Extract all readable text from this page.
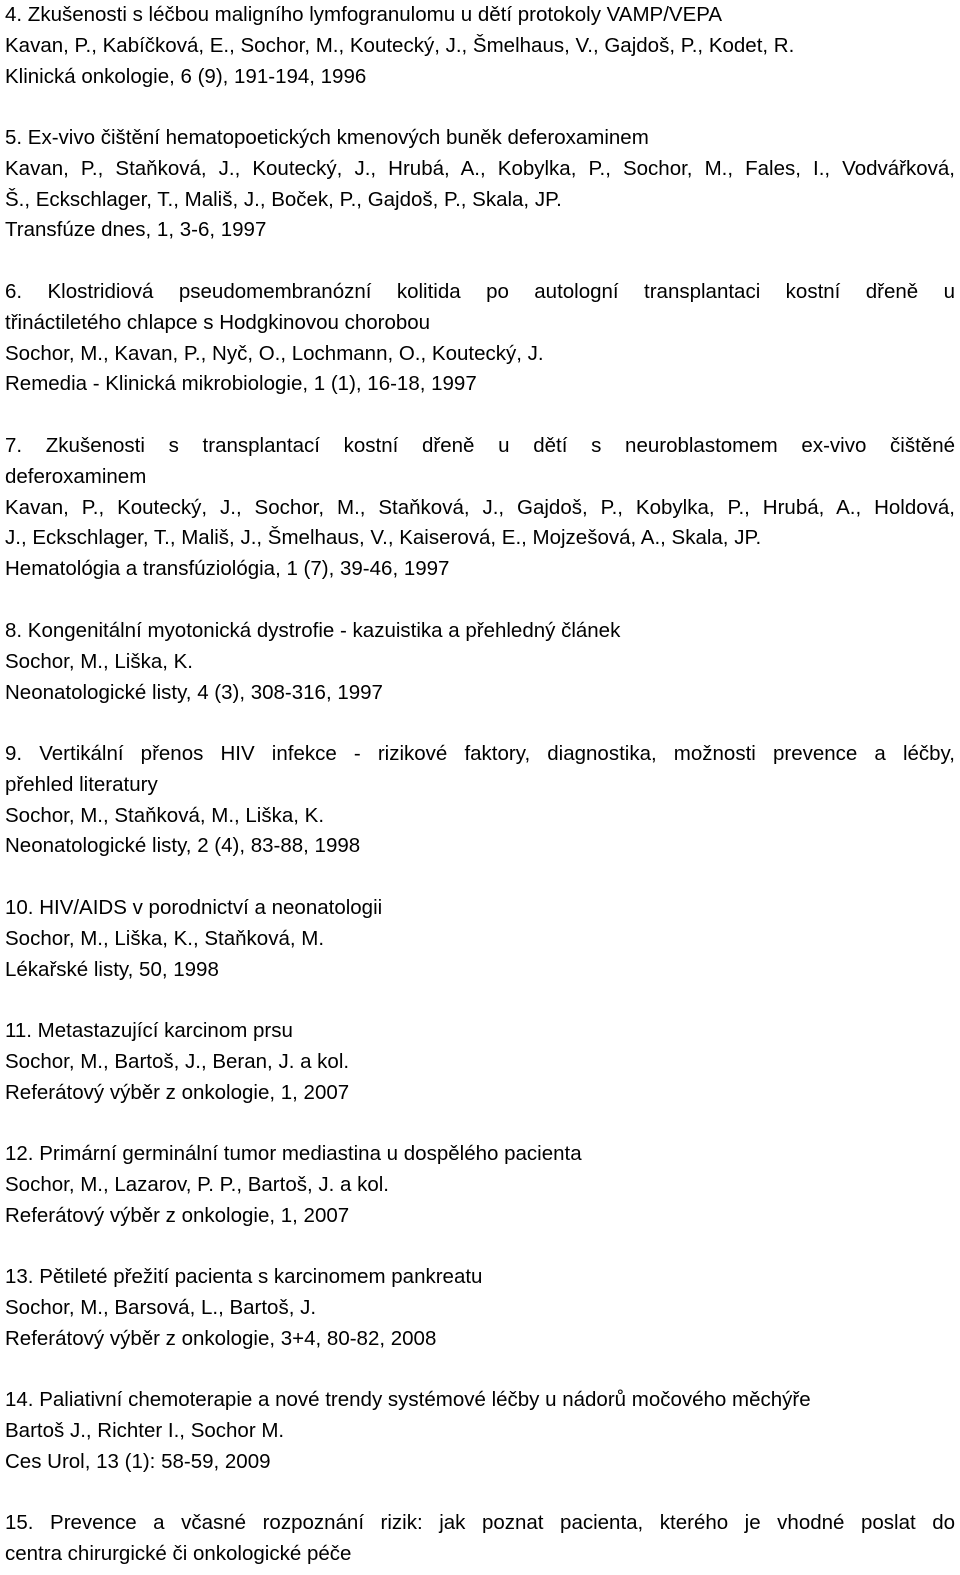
4. Zkušenosti s léčbou maligního lymfogranulomu u dětí protokoly VAMP/VEPA
Kavan, P., Kabíčková, E., Sochor, M., Koutecký, J., Šmelhaus, V., Gajdoš, P., Kodet, R.
Klinická onkologie, 6 (9), 191-194, 1996
5. Ex-vivo čištění hematopoetických kmenových buněk deferoxaminem
Kavan, P., Staňková, J., Koutecký, J., Hrubá, A., Kobylka, P., Sochor, M., Fales, I., Vodvářková,
Š., Eckschlager, T., Mališ, J., Boček, P., Gajdoš, P., Skala, JP.
Transfúze dnes, 1, 3-6, 1997
6. Klostridiová pseudomembranózní kolitida po autologní transplantaci kostní dřeně u
třináctiletého chlapce s Hodgkinovou chorobou
Sochor, M., Kavan, P., Nyč, O., Lochmann, O., Koutecký, J.
Remedia - Klinická mikrobiologie, 1 (1), 16-18, 1997
7. Zkušenosti s transplantací kostní dřeně u dětí s neuroblastomem ex-vivo čištěné
deferoxaminem
Kavan, P., Koutecký, J., Sochor, M., Staňková, J., Gajdoš, P., Kobylka, P., Hrubá, A., Holdová,
J., Eckschlager, T., Mališ, J., Šmelhaus, V., Kaiserová, E., Mojzešová, A., Skala, JP.
Hematológia a transfúziológia, 1 (7), 39-46, 1997
8. Kongenitální myotonická dystrofie - kazuistika a přehledný článek
Sochor, M., Liška, K.
Neonatologické listy, 4 (3), 308-316, 1997
9. Vertikální přenos HIV infekce - rizikové faktory, diagnostika, možnosti prevence a léčby,
přehled literatury
Sochor, M., Staňková, M., Liška, K.
Neonatologické listy, 2 (4), 83-88, 1998
10. HIV/AIDS v porodnictví a neonatologii
Sochor, M., Liška, K., Staňková, M.
Lékařské listy, 50, 1998
11. Metastazující karcinom prsu
Sochor, M., Bartoš, J., Beran, J. a kol.
Referátový výběr z onkologie, 1, 2007
12. Primární germinální tumor mediastina u dospělého pacienta
Sochor, M., Lazarov, P. P., Bartoš, J. a kol.
Referátový výběr z onkologie, 1, 2007
13. Pětileté přežití pacienta s karcinomem pankreatu
Sochor, M., Barsová, L., Bartoš, J.
Referátový výběr z onkologie, 3+4, 80-82, 2008
14. Paliativní chemoterapie a nové trendy systémové léčby u nádorů močového měchýře
Bartoš J., Richter I., Sochor M.
Ces Urol, 13 (1): 58-59, 2009
15. Prevence a včasné rozpoznání rizik: jak poznat pacienta, kterého je vhodné poslat do
centra chirurgické či onkologické péče
